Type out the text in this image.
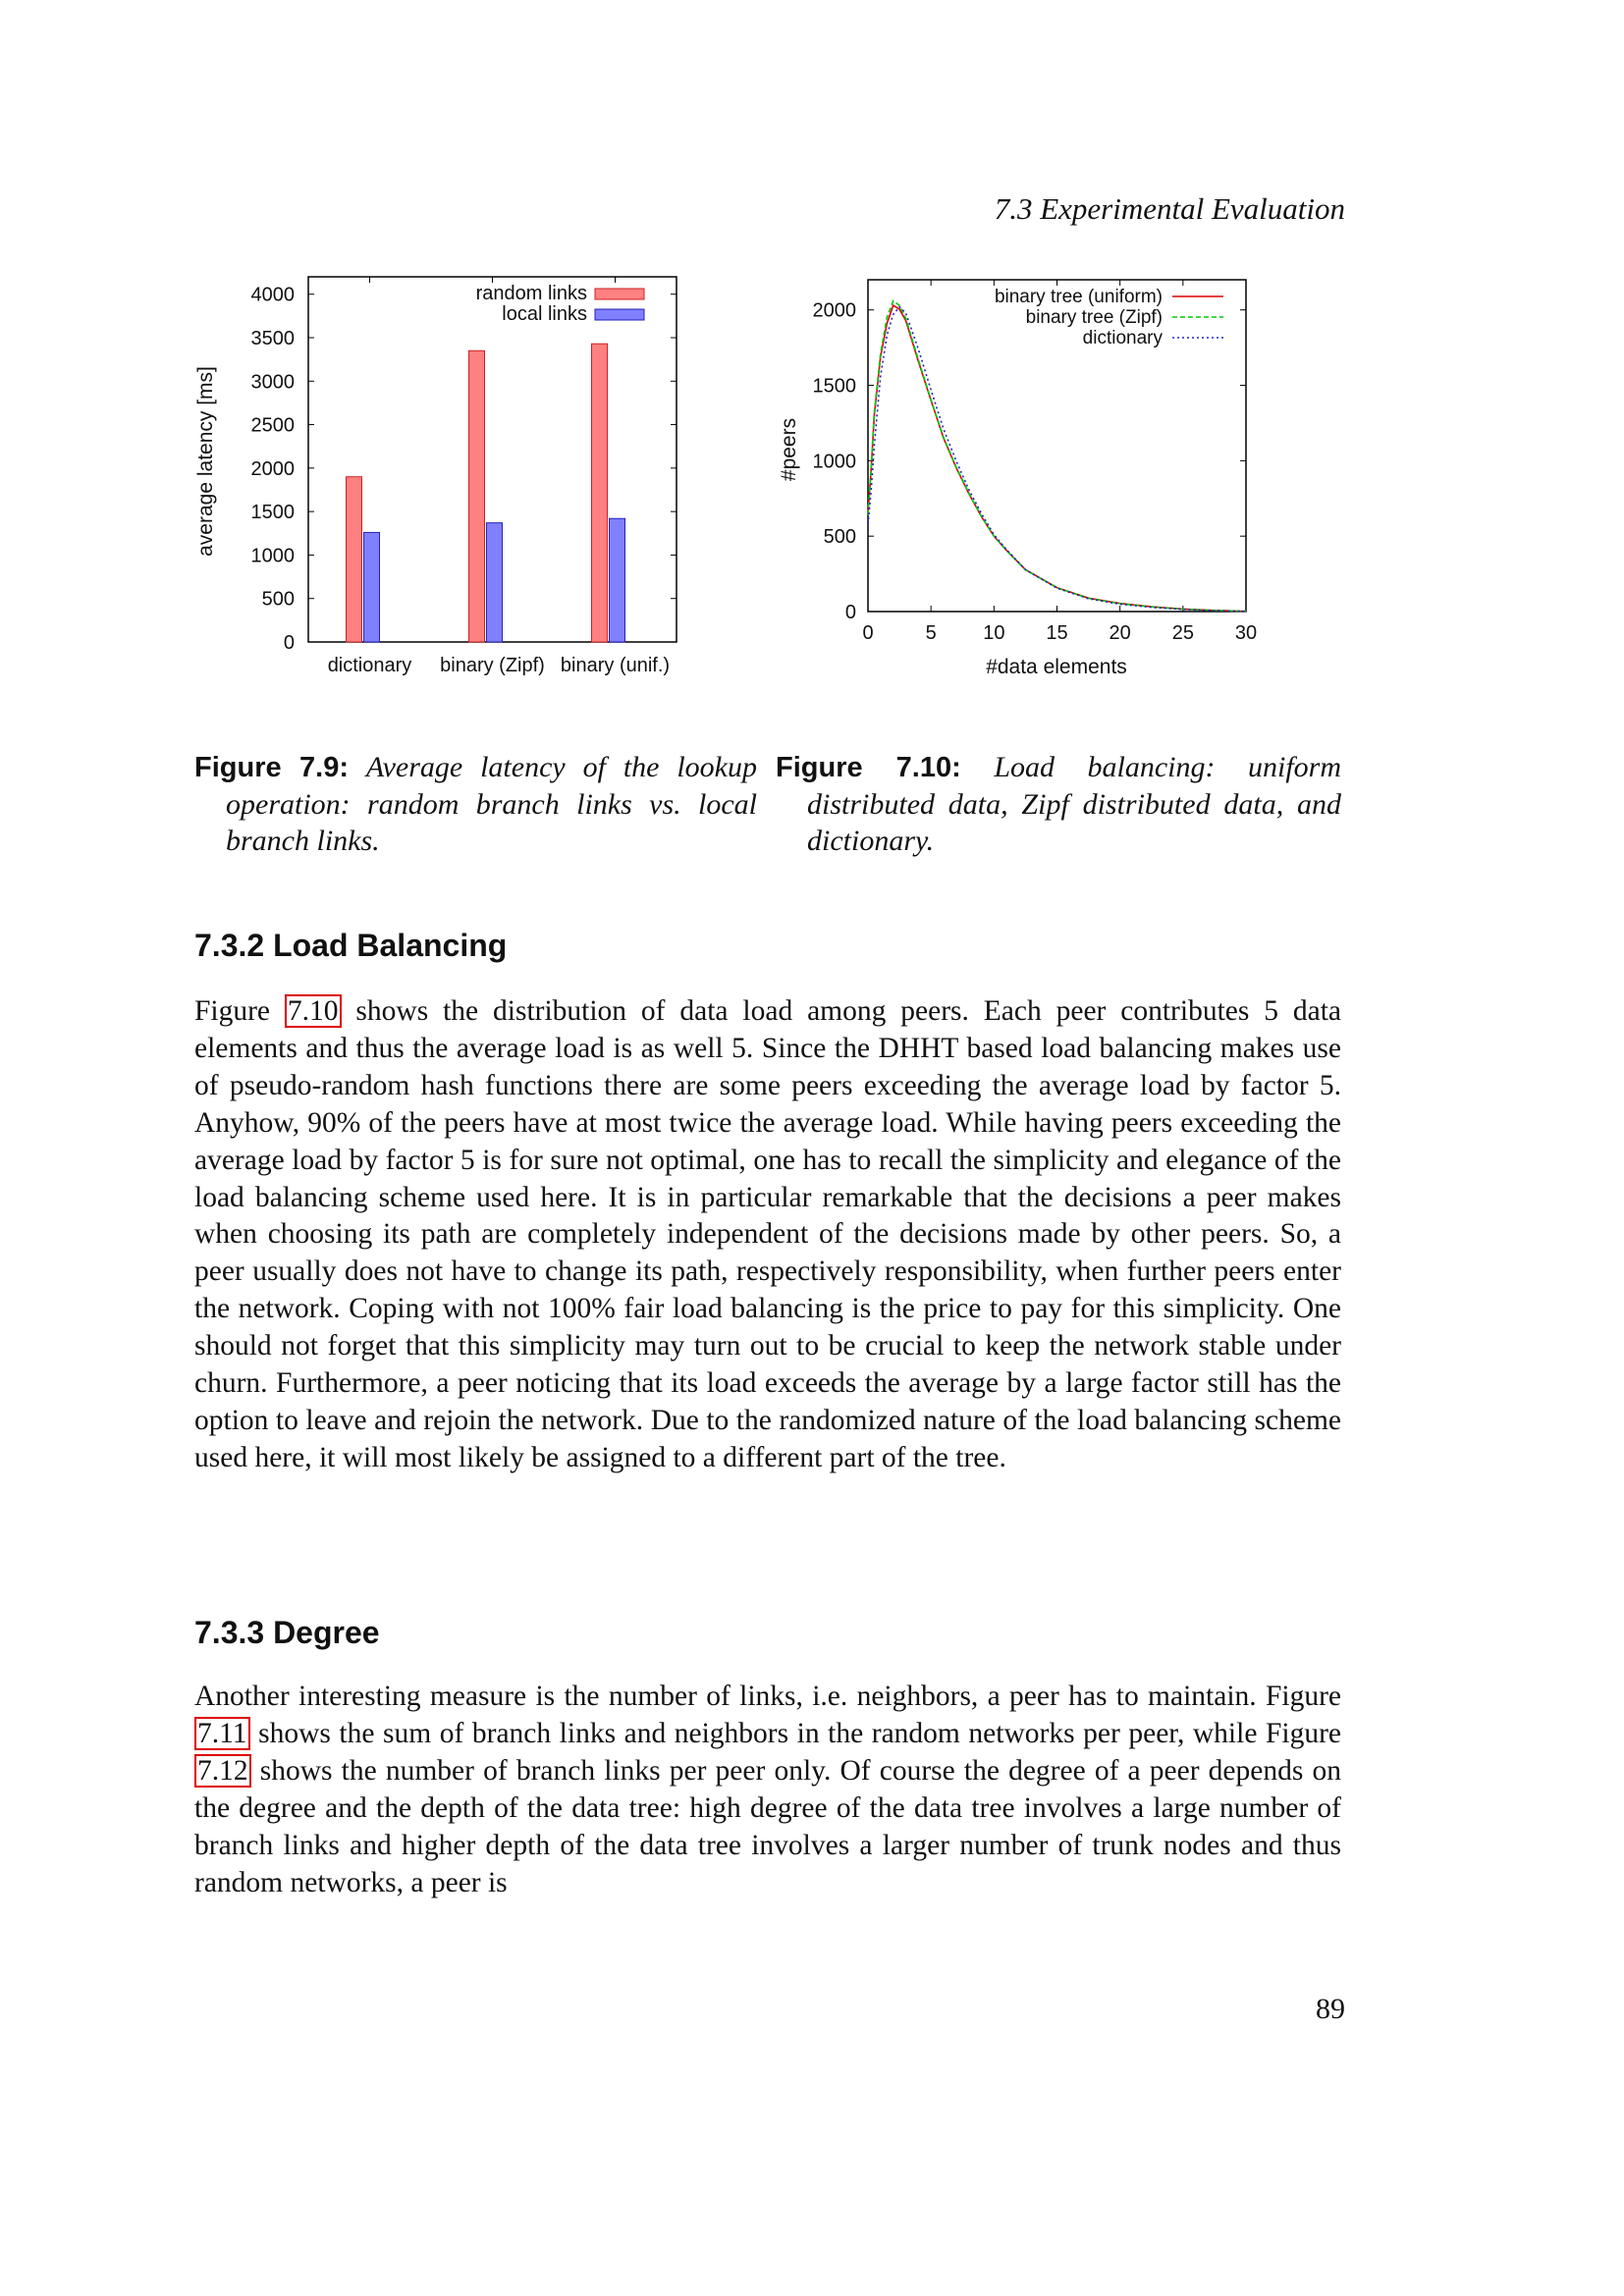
7.3 Experimental Evaluation
average latency [ms]
0
500
1000
1500
2000
2500
3000
3500
4000
dictionary binary (Zipf) binary (unif.)
random links
local links
#peers
#data elements
0
500
1000
1500
2000
0	5 10 15 20 25 30
binary tree (uniform)
binary tree (Zipf)
dictionary
Figure 7.9: Average latency of the lookup operation: random branch links vs. local branch links.
Figure 7.10: Load balancing: uniform distributed data, Zipf distributed data, and dictionary.
7.3.2 Load Balancing
Figure 7.10 shows the distribution of data load among peers. Each peer contributes 5 data elements and thus the average load is as well 5. Since the DHHT based load balancing makes use of pseudo-random hash functions there are some peers exceeding the average load by factor 5. Anyhow, 90% of the peers have at most twice the average load. While having peers exceeding the average load by factor 5 is for sure not optimal, one has to recall the simplicity and elegance of the load balancing scheme used here. It is in particular remarkable that the decisions a peer makes when choosing its path are completely independent of the decisions made by other peers. So, a peer usually does not have to change its path, respectively responsibility, when further peers enter the network. Coping with not 100% fair load balancing is the price to pay for this simplicity. One should not forget that this simplicity may turn out to be crucial to keep the network stable under churn. Furthermore, a peer noticing that its load exceeds the average by a large factor still has the option to leave and rejoin the network. Due to the randomized nature of the load balancing scheme used here, it will most likely be assigned to a different part of the tree.
7.3.3 Degree
Another interesting measure is the number of links, i.e. neighbors, a peer has to maintain. Figure 7.11 shows the sum of branch links and neighbors in the random networks per peer, while Figure 7.12 shows the number of branch links per peer only. Of course the degree of a peer depends on the degree and the depth of the data tree: high degree of the data tree involves a large number of branch links and higher depth of the data tree involves a larger number of trunk nodes and thus random networks, a peer is
89
